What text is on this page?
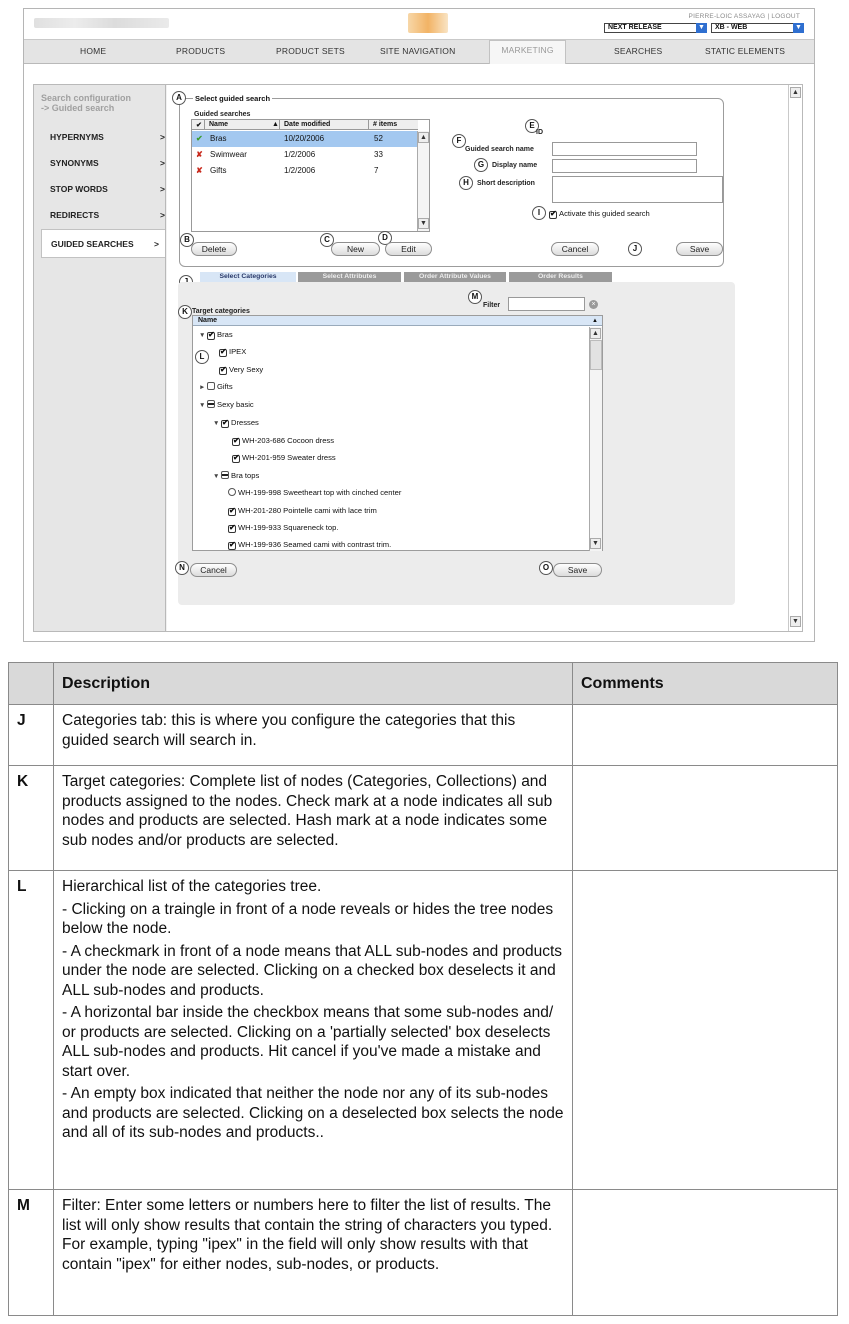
PIERRE-LOIC ASSAYAG | LOGOUT
NEXT RELEASE	▼	XB - WEB	▼
HOME	PRODUCTS	PRODUCT SETS	SITE NAVIGATION	MARKETING	SEARCHES	STATIC ELEMENTS
Search configuration
-> Guided search
HYPERNYMS	>
SYNONYMS	>
STOP WORDS	>
REDIRECTS	>
GUIDED SEARCHES >
Select guided search
A
Guided searches
✔ Name	▲ Date modified	# items
✔ Bras	10/20/2006	52
✘ Swimwear	1/2/2006	33
✘ Gifts	1/2/2006	7
▲
▼
B
Delete
C
New
D
Edit
E
ID
F
Guided search name
G	Display name
H	Short description
I ✔	Activate this guided search
Cancel	J	Save
Select Categories	Select Attributes	Order Attribute Values	Order Results
K Target categories
M
Filter	×
Name	▲
▼ ✔ Bras
✔IPEX
✔Very Sexy
► Gifts
▼ Sexy basic
▼ ✔ Dresses
✔WH-203-686 Cocoon dress
✔WH-201-959 Sweater dress
▼ Bra tops
WH-199-998 Sweetheart top with cinched center
✔WH-201-280 Pointelle cami with lace trim
✔WH-199-933 Squareneck top.
✔WH-199-936 Seamed cami with contrast trim.
▲
▼
N	Cancel	O	Save
L
▲
▼
	Description	Comments
J	Categories tab: this is where you configure the categories that this guided search will search in.	

K	Target categories: Complete list of nodes (Categories, Collections) and products assigned to the nodes. Check mark at a node indicates all sub nodes and products are selected. Hash mark at a node indicates some sub nodes and/or products are selected.	

L	Hierarchical list of the categories tree.

- Clicking on a traingle in front of a node reveals or hides the tree nodes below the node.

- A checkmark in front of a node means that ALL sub-nodes and products under the node are selected. Clicking on a checked box deselects it and ALL sub-nodes and products.

- A horizontal bar inside the checkbox means that some sub-nodes and/ or products are selected. Clicking on a 'partially selected' box deselects ALL sub-nodes and products. Hit cancel if you've made a mistake and start over.

- An empty box indicated that neither the node nor any of its sub-nodes and products are selected. Clicking on a deselected box selects the node and all of its sub-nodes and products..	

M	Filter: Enter some letters or numbers here to filter the list of results. The list will only show results that contain the string of characters you typed. For example, typing "ipex" in the field will only show results with that contain "ipex" for either nodes, sub-nodes, or products.	
